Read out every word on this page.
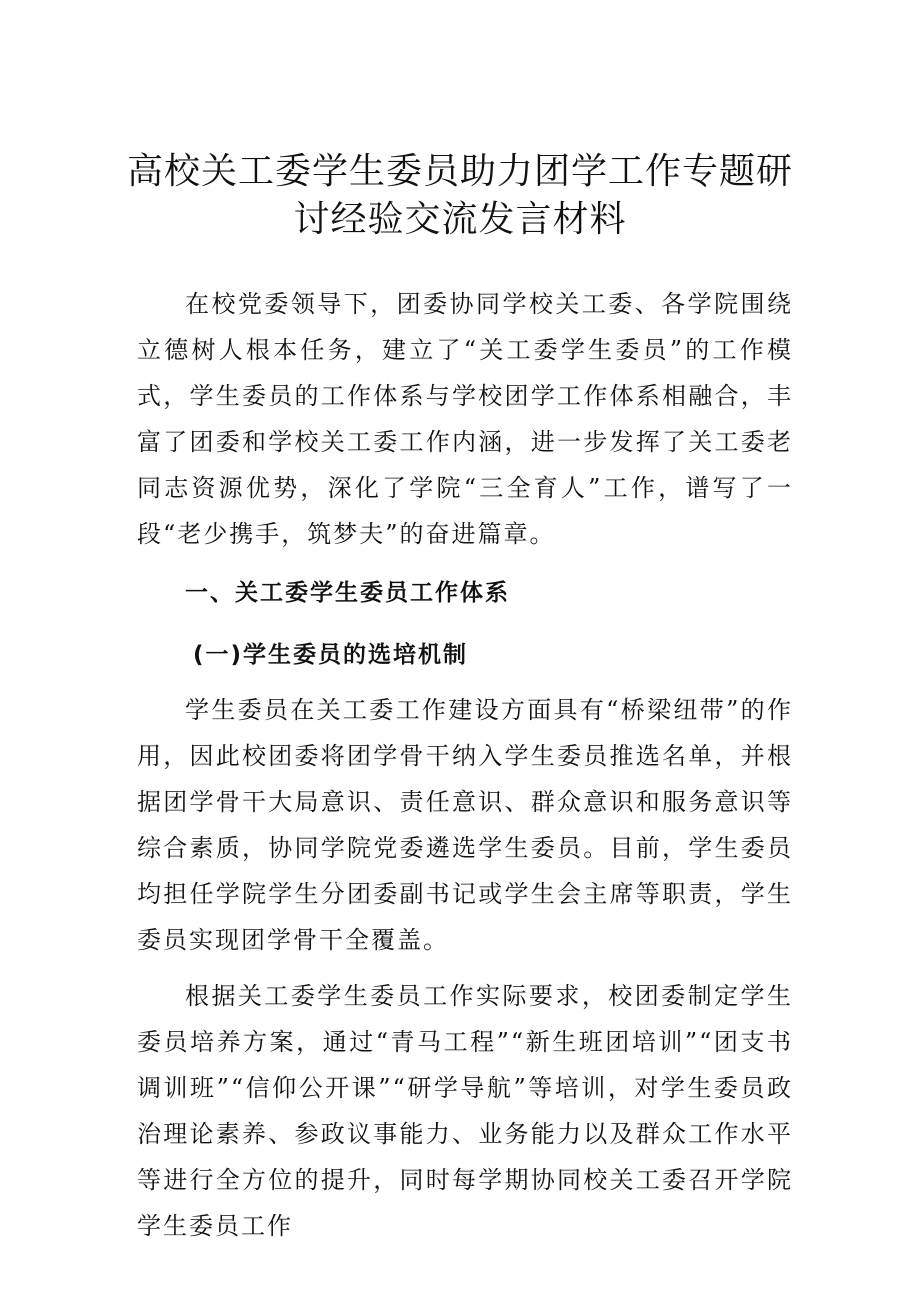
高校关工委学生委员助力团学工作专题研
讨经验交流发言材料

在校党委领导下，团委协同学校关工委、各学院围绕立德树人根本任务，建立了“关工委学生委员”的工作模式，学生委员的工作体系与学校团学工作体系相融合，丰富了团委和学校关工委工作内涵，进一步发挥了关工委老同志资源优势，深化了学院“三全育人”工作，谱写了一段“老少携手，筑梦夫”的奋进篇章。

一、关工委学生委员工作体系
(一)学生委员的选培机制

学生委员在关工委工作建设方面具有“桥梁纽带”的作用，因此校团委将团学骨干纳入学生委员推选名单，并根据团学骨干大局意识、责任意识、群众意识和服务意识等综合素质，协同学院党委遴选学生委员。目前，学生委员均担任学院学生分团委副书记或学生会主席等职责，学生委员实现团学骨干全覆盖。

根据关工委学生委员工作实际要求，校团委制定学生委员培养方案，通过“青马工程”“新生班团培训”“团支书调训班”“信仰公开课”“研学导航”等培训，对学生委员政治理论素养、参政议事能力、业务能力以及群众工作水平等进行全方位的提升，同时每学期协同校关工委召开学院学生委员工作
